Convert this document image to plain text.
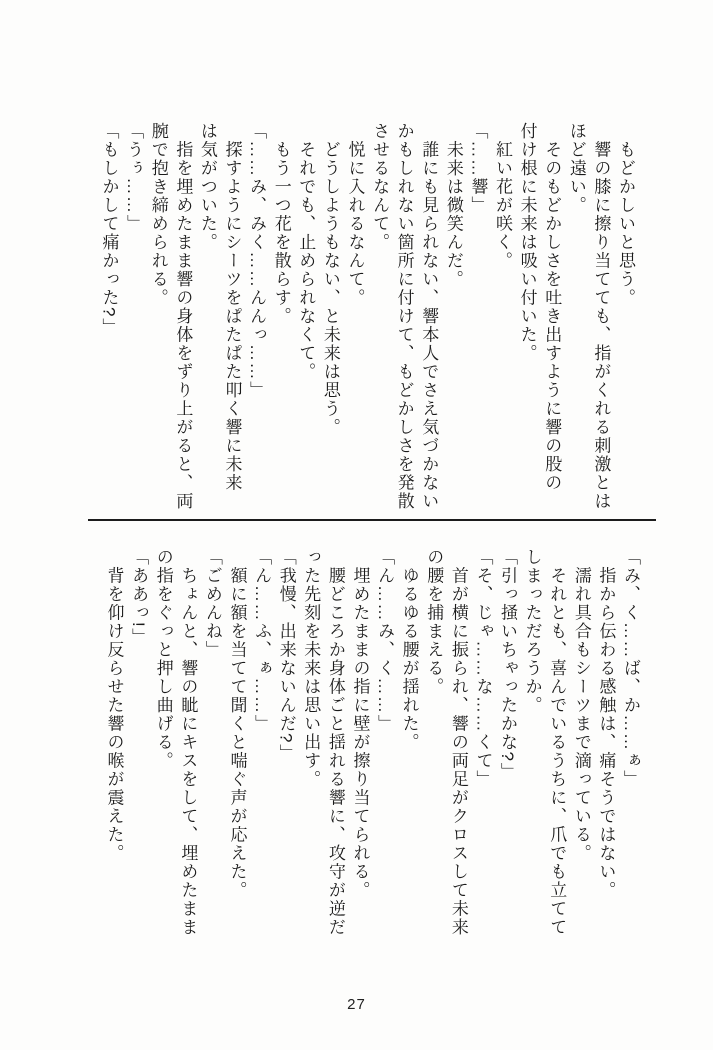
　もどかしいと思う。
　響の膝に擦り当てても、指がくれる刺激とは
ほど遠い。
　そのもどかしさを吐き出すように響の股の
付け根に未来は吸い付いた。
　紅い花が咲く。
「……響」
　未来は微笑んだ。
　誰にも見られない、響本人でさえ気づかない
かもしれない箇所に付けて、もどかしさを発散
させるなんて。
　悦に入れるなんて。
　どうしようもない、と未来は思う。
　それでも、止められなくて。
　もう一つ花を散らす。
「……み、みく……んんっ……」
　探すようにシーツをぱたぱた叩く響に未来
は気がついた。
　指を埋めたまま響の身体をずり上がると、両
腕で抱き締められる。
「うぅ……」
「もしかして痛かった?」
「み、く……ば、か……ぁ」
　指から伝わる感触は、痛そうではない。
　濡れ具合もシーツまで滴っている。
　それとも、喜んでいるうちに、爪でも立てて
しまっただろうか。
「引っ掻いちゃったかな?」
「そ、じゃ……な……くて」
　首が横に振られ、響の両足がクロスして未来
の腰を捕まえる。
　ゆるゆる腰が揺れた。
「ん……み、く……」
　埋めたままの指に壁が擦り当てられる。
　腰どころか身体ごと揺れる響に、攻守が逆だ
った先刻を未来は思い出す。
「我慢、出来ないんだ?」
「ん……ふ、ぁ……」
　額に額を当てて聞くと喘ぐ声が応えた。
「ごめんね」
　ちょんと、響の眦にキスをして、埋めたまま
の指をぐっと押し曲げる。
「ああっ!」
　背を仰け反らせた響の喉が震えた。
27
